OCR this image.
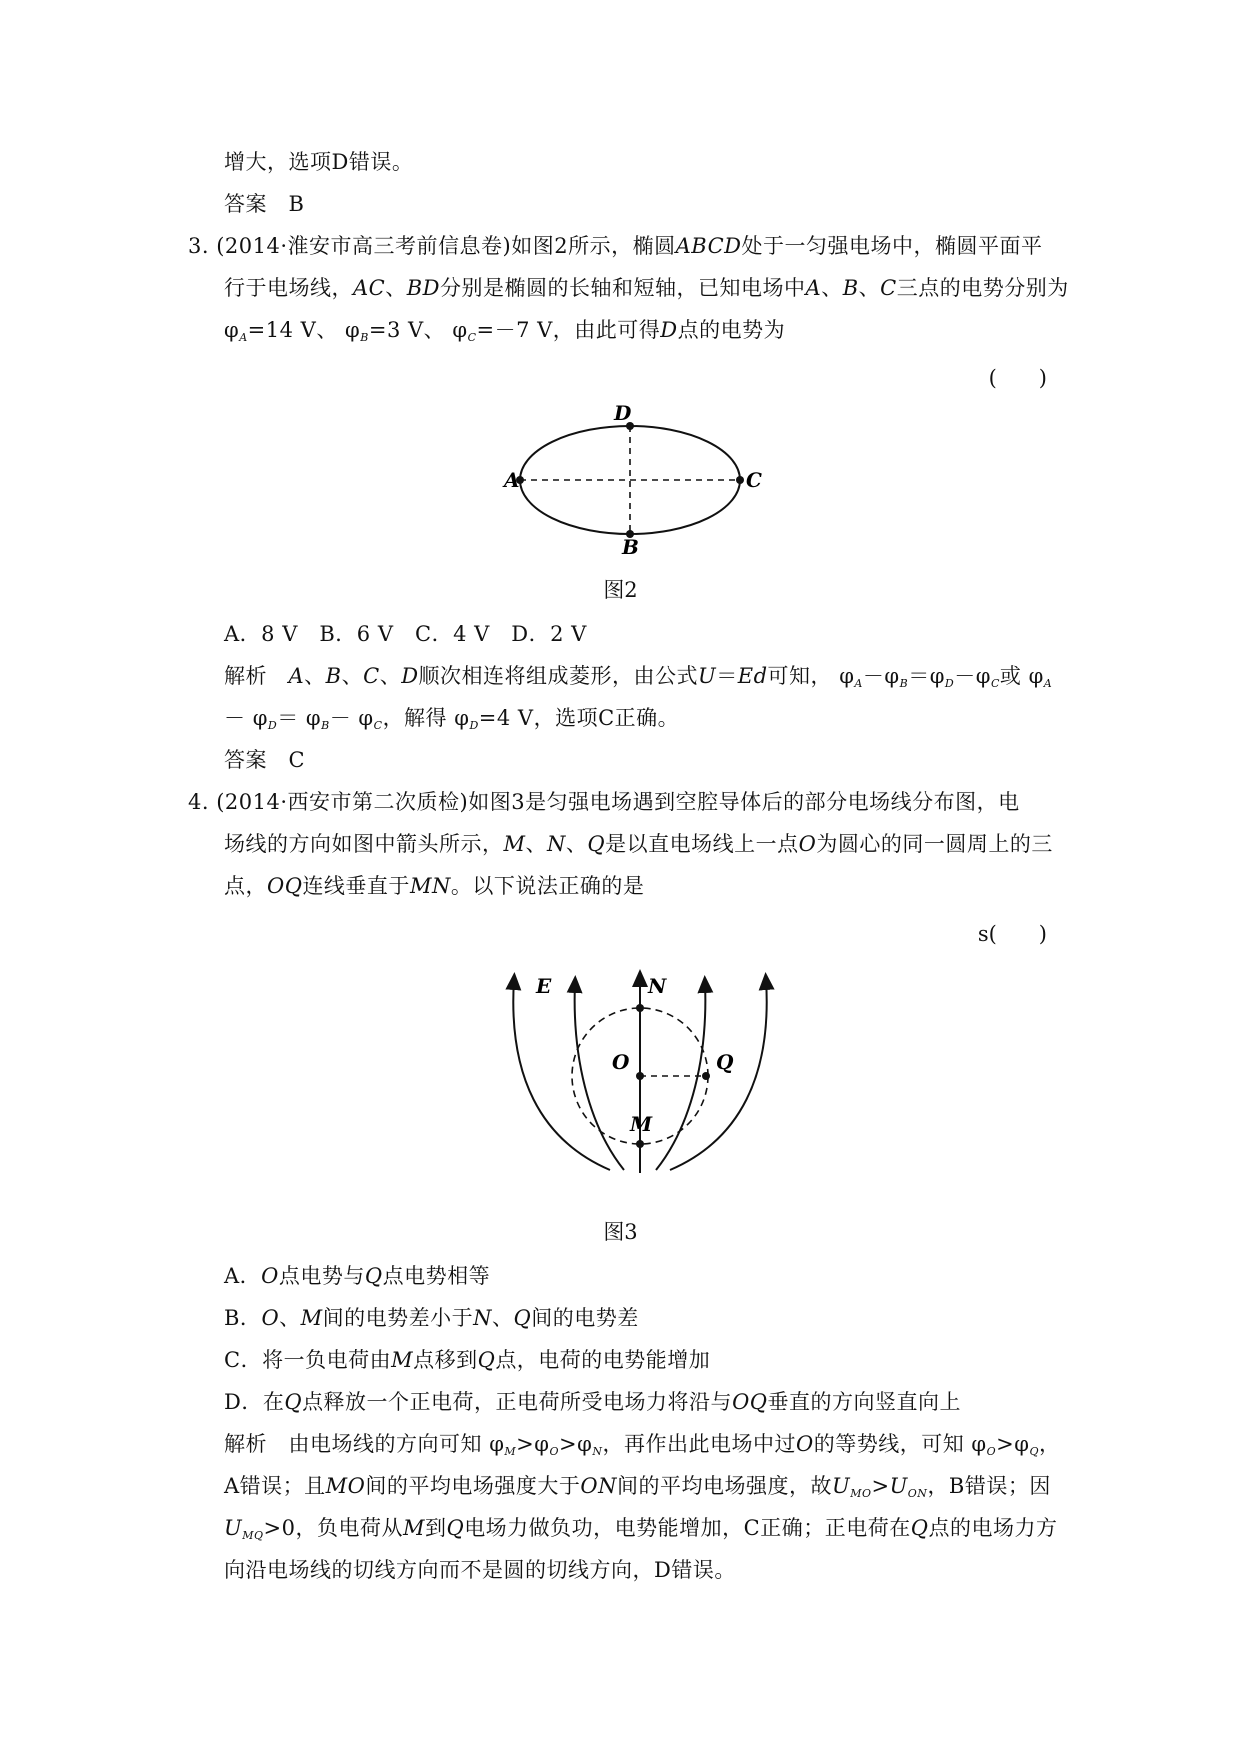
增大，选项D错误。
答案　 B
3. (2014·淮安市高三考前信息卷)如图2所示，椭圆ABCD处于一匀强电场中，椭圆平面平
行于电场线，AC、BD分别是椭圆的长轴和短轴，已知电场中A、B、C三点的电势分别为
$\varphi_A=14$ V、 $\varphi_B=3$ V、 $\varphi_C=-7$ V，由此可得D点的电势为
(　　)
A	C
D
B
图2
A．8 V　B．6 V　C．4 V　D．2 V
解析　 A、B、C、D顺次相连将组成菱形，由公式U＝Ed可知， $\varphi_A-\varphi_B=\varphi_D-\varphi_C$或 $\varphi_A$
－ $\varphi_D= \varphi_B- \varphi_C$，解得 $\varphi_D=4$ V，选项C正确。
答案　 C
4. (2014·西安市第二次质检)如图3是匀强电场遇到空腔导体后的部分电场线分布图，电
场线的方向如图中箭头所示，M、N、Q是以直电场线上一点O为圆心的同一圆周上的三
点，OQ连线垂直于MN。以下说法正确的是
s(　　)
E	N
O	Q
M
图3
A．O点电势与Q点电势相等
B．O、M间的电势差小于N、Q间的电势差
C．将一负电荷由M点移到Q点，电荷的电势能增加
D．在Q点释放一个正电荷，正电荷所受电场力将沿与OQ垂直的方向竖直向上
解析　 由电场线的方向可知 $\varphi_M>\varphi_O>\varphi_N$，再作出此电场中过O的等势线，可知 $\varphi_O>\varphi_Q$，
A错误；且MO间的平均电场强度大于ON间的平均电场强度，故$U_{MO}>U_{ON}$，B错误；因
$U_{MQ}>0$，负电荷从M到Q电场力做负功，电势能增加，C正确；正电荷在Q点的电场力方
向沿电场线的切线方向而不是圆的切线方向，D错误。
